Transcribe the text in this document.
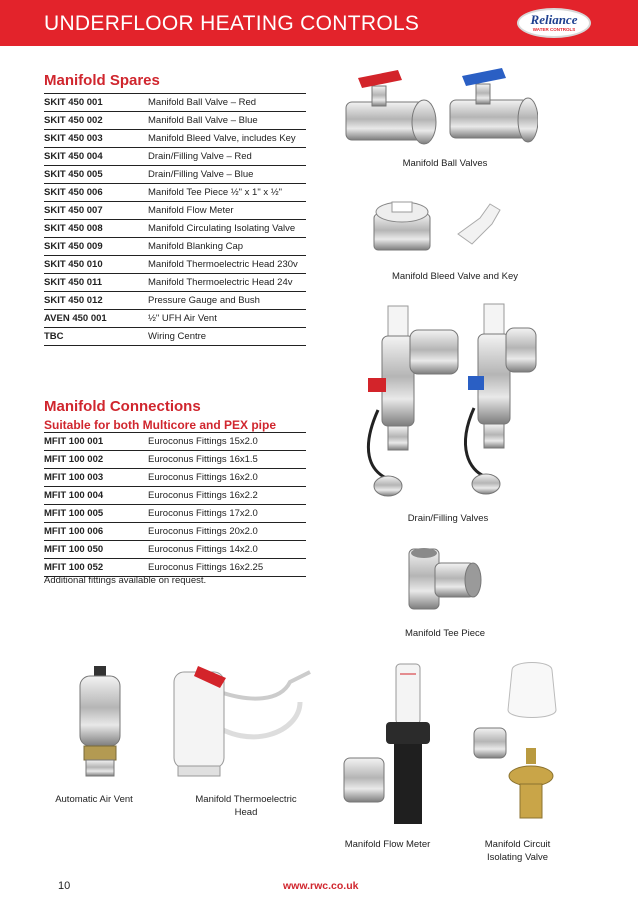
UNDERFLOOR HEATING CONTROLS	Reliance
WATER CONTROLS
Manifold Spares
SKIT 450 001	Manifold Ball Valve – Red
SKIT 450 002	Manifold Ball Valve – Blue
SKIT 450 003	Manifold Bleed Valve, includes Key
SKIT 450 004	Drain/Filling Valve – Red
SKIT 450 005	Drain/Filling Valve – Blue
SKIT 450 006	Manifold Tee Piece ½" x 1" x ½"
SKIT 450 007	Manifold Flow Meter
SKIT 450 008	Manifold Circulating Isolating Valve
SKIT 450 009	Manifold Blanking Cap
SKIT 450 010	Manifold Thermoelectric Head 230v
SKIT 450 011	Manifold Thermoelectric Head 24v
SKIT 450 012	Pressure Gauge and Bush
AVEN 450 001	½" UFH Air Vent
TBC	Wiring Centre
Manifold Connections
Suitable for both Multicore and PEX pipe
MFIT 100 001	Euroconus Fittings 15x2.0
MFIT 100 002	Euroconus Fittings 16x1.5
MFIT 100 003	Euroconus Fittings 16x2.0
MFIT 100 004	Euroconus Fittings 16x2.2
MFIT 100 005	Euroconus Fittings 17x2.0
MFIT 100 006	Euroconus Fittings 20x2.0
MFIT 100 050	Euroconus Fittings 14x2.0
MFIT 100 052	Euroconus Fittings 16x2.25
Additional fittings available on request.
Manifold Ball Valves
Manifold Bleed Valve and Key
Drain/Filling Valves
Manifold Tee Piece
Automatic Air Vent	Manifold Thermoelectric Head
Manifold Flow Meter	Manifold Circuit Isolating Valve
10	www.rwc.co.uk
